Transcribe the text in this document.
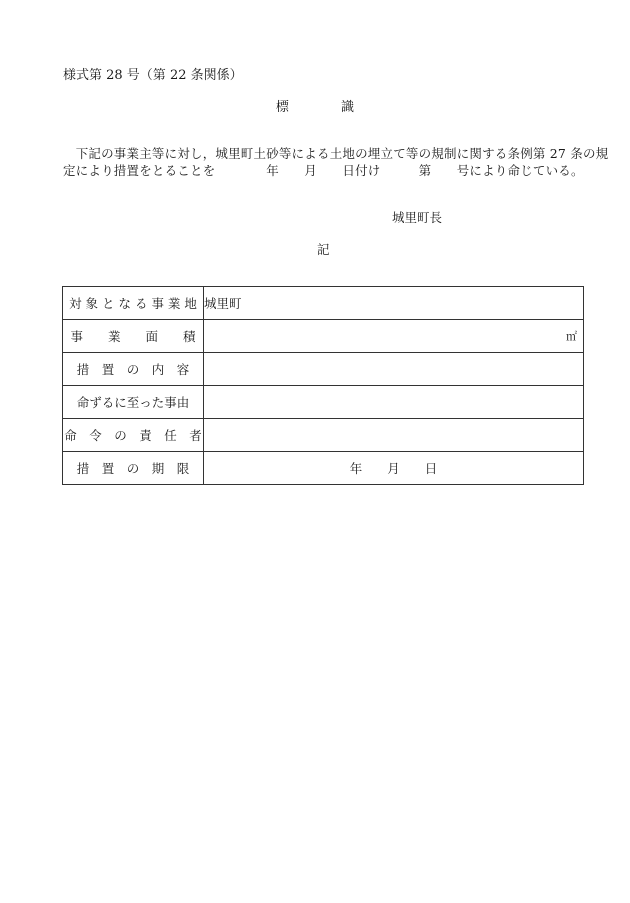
様式第 28 号（第 22 条関係）
標 識
　下記の事業主等に対し，城里町土砂等による土地の埋立て等の規制に関する条例第 27 条の規
定により措置をとることを　　　　年　　月　　日付け　　　第　　号により命じている。
城里町長
記
対 象 と な る 事 業 地	城里町
事　　業　　面　　積	㎡
措　置　の　内　容	
命ずるに至った事由	
命　令　の　責　任　者	
措　置　の　期　限	年　　月　　日
